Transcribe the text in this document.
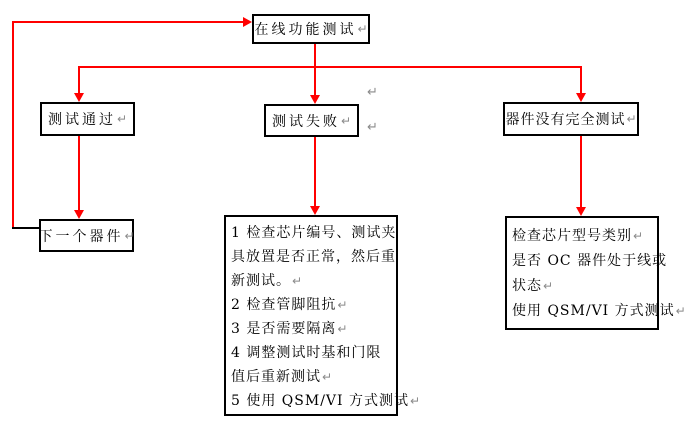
在线功能测试 ↵
测试通过 ↵	测试失败 ↵	器件没有完全测试 ↵
下一个器件 ↵	1 检查芯片编号、测试夹
具放置是否正常，然后重
新测试。↵
2 检查管脚阻抗↵
3 是否需要隔离↵
4 调整测试时基和门限
值后重新测试↵
5 使用 QSM/VI 方式测试↵
检查芯片型号类别↵
是否 OC 器件处于线或
状态↵
使用 QSM/VI 方式测试↵
↵
↵
